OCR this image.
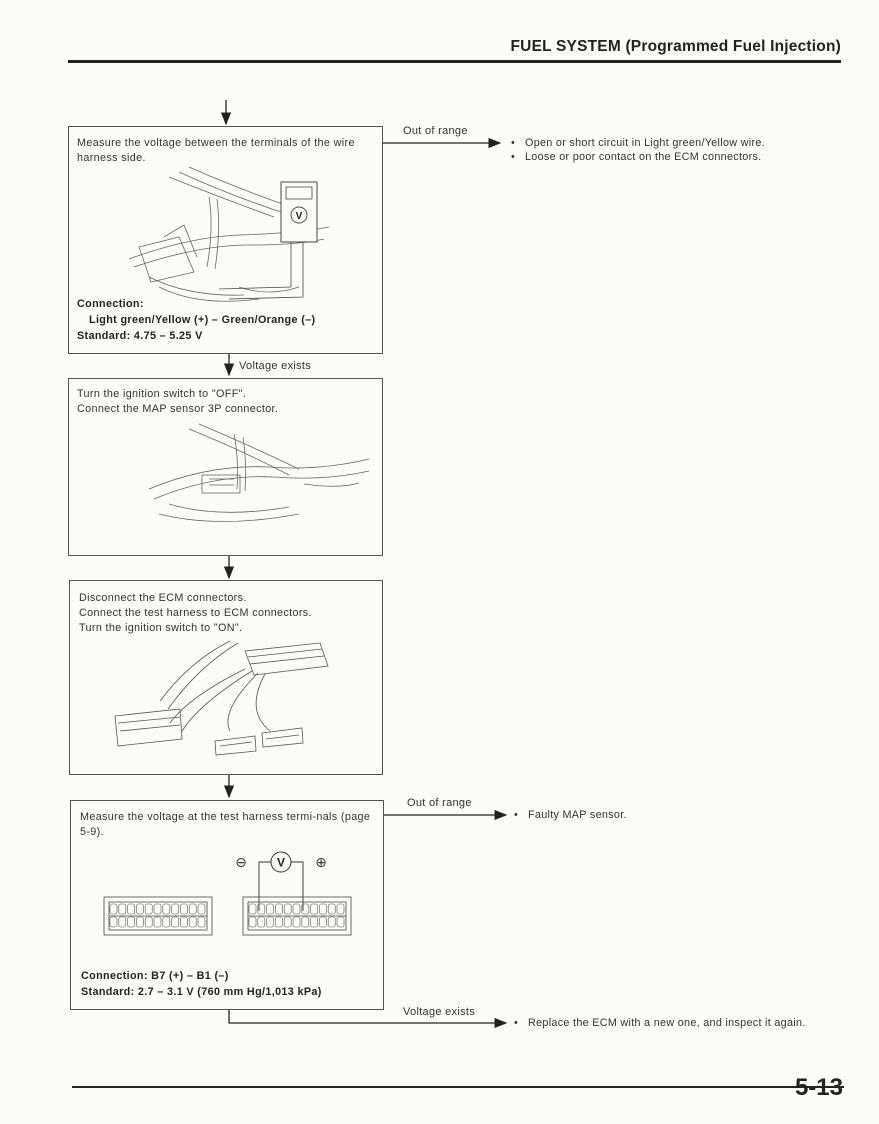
FUEL SYSTEM (Programmed Fuel Injection)
Measure the voltage between the terminals of the wire harness side.
V
Connection:
Light green/Yellow (+) – Green/Orange (–)
Standard: 4.75 – 5.25 V
Out of range
• Open or short circuit in Light green/Yellow wire.
• Loose or poor contact on the ECM connectors.
Voltage exists
Turn the ignition switch to "OFF".
Connect the MAP sensor 3P connector.
Disconnect the ECM connectors.
Connect the test harness to ECM connectors.
Turn the ignition switch to "ON".
Measure the voltage at the test harness termi-nals (page 5-9).
V
⊖	⊕
Connection: B7 (+) – B1 (–)
Standard: 2.7 – 3.1 V (760 mm Hg/1,013 kPa)
Out of range
• Faulty MAP sensor.
Voltage exists
• Replace the ECM with a new one, and inspect it again.
5-13
